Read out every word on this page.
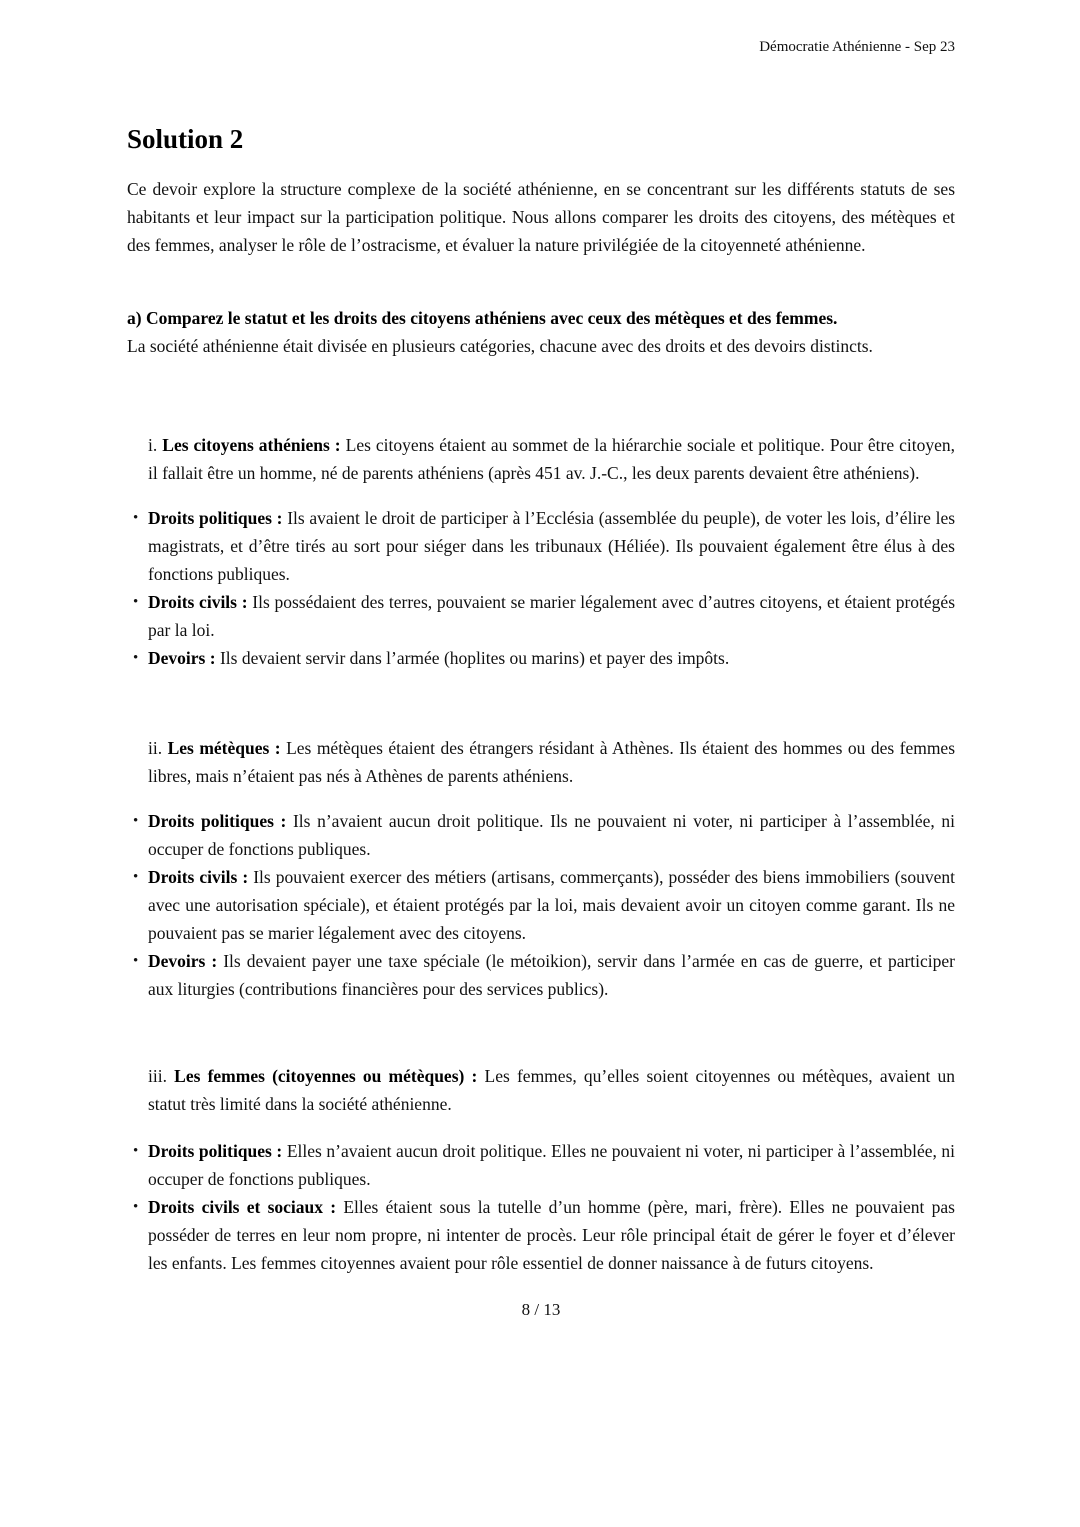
Démocratie Athénienne - Sep 23
Solution 2

Ce devoir explore la structure complexe de la société athénienne, en se concentrant sur les différents statuts de ses habitants et leur impact sur la participation politique. Nous allons comparer les droits des citoyens, des métèques et des femmes, analyser le rôle de l’ostracisme, et évaluer la nature privilégiée de la citoyenneté athénienne.

a) Comparez le statut et les droits des citoyens athéniens avec ceux des métèques et des femmes.

La société athénienne était divisée en plusieurs catégories, chacune avec des droits et des devoirs distincts.

i. Les citoyens athéniens : Les citoyens étaient au sommet de la hiérarchie sociale et politique. Pour être citoyen, il fallait être un homme, né de parents athéniens (après 451 av. J.-C., les deux parents devaient être athéniens).
• Droits politiques : Ils avaient le droit de participer à l’Ecclésia (assemblée du peuple), de voter les lois, d’élire les magistrats, et d’être tirés au sort pour siéger dans les tribunaux (Héliée). Ils pouvaient également être élus à des fonctions publiques.
• Droits civils : Ils possédaient des terres, pouvaient se marier légalement avec d’autres citoyens, et étaient protégés par la loi.
• Devoirs : Ils devaient servir dans l’armée (hoplites ou marins) et payer des impôts.
ii. Les métèques : Les métèques étaient des étrangers résidant à Athènes. Ils étaient des hommes ou des femmes libres, mais n’étaient pas nés à Athènes de parents athéniens.
• Droits politiques : Ils n’avaient aucun droit politique. Ils ne pouvaient ni voter, ni participer à l’assemblée, ni occuper de fonctions publiques.
• Droits civils : Ils pouvaient exercer des métiers (artisans, commerçants), posséder des biens immobiliers (souvent avec une autorisation spéciale), et étaient protégés par la loi, mais devaient avoir un citoyen comme garant. Ils ne pouvaient pas se marier légalement avec des citoyens.
• Devoirs : Ils devaient payer une taxe spéciale (le métoikion), servir dans l’armée en cas de guerre, et participer aux liturgies (contributions financières pour des services publics).
iii. Les femmes (citoyennes ou métèques) : Les femmes, qu’elles soient citoyennes ou métèques, avaient un statut très limité dans la société athénienne.
• Droits politiques : Elles n’avaient aucun droit politique. Elles ne pouvaient ni voter, ni participer à l’assemblée, ni occuper de fonctions publiques.
• Droits civils et sociaux : Elles étaient sous la tutelle d’un homme (père, mari, frère). Elles ne pouvaient pas posséder de terres en leur nom propre, ni intenter de procès. Leur rôle principal était de gérer le foyer et d’élever les enfants. Les femmes citoyennes avaient pour rôle essentiel de donner naissance à de futurs citoyens.
8 / 13
